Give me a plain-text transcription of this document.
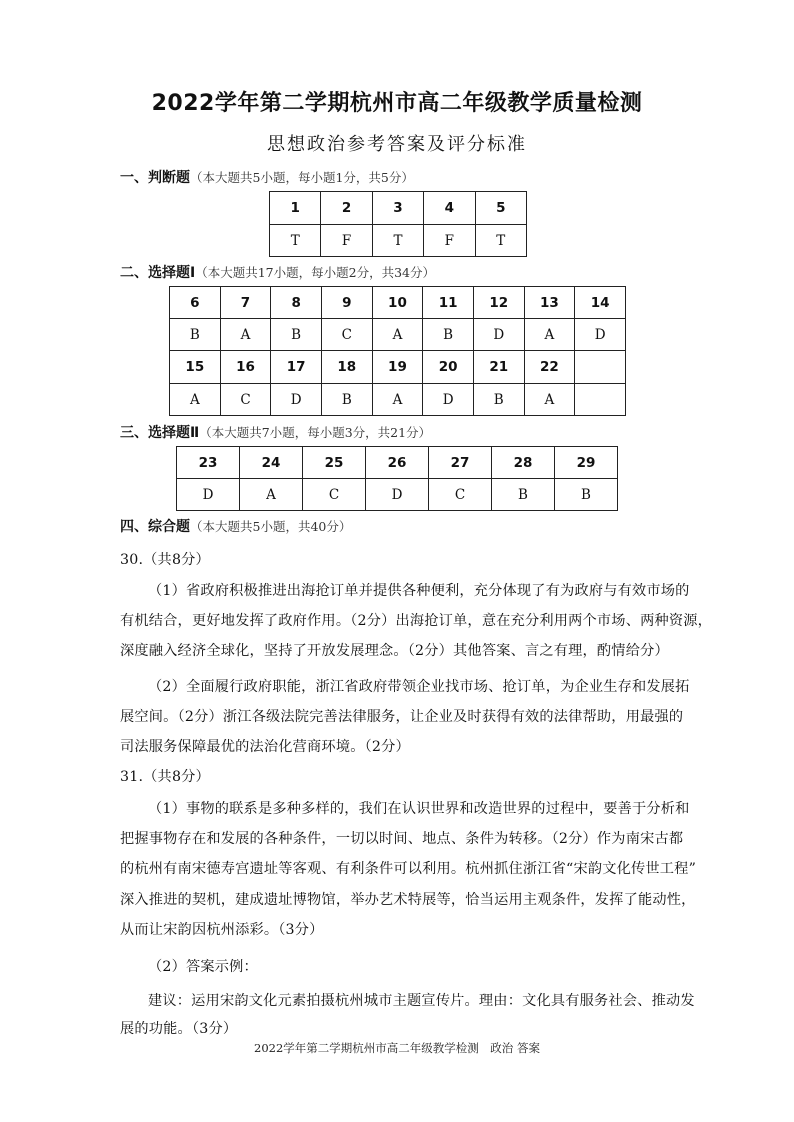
2022学年第二学期杭州市高二年级教学质量检测
思想政治参考答案及评分标准
一、判断题（本大题共5小题，每小题1分，共5分）
1	2	3	4	5
T	F	T	F	T
二、选择题Ⅰ（本大题共17小题，每小题2分，共34分）
6	7	8	9	10	11	12	13	14
B	A	B	C	A	B	D	A	D
15	16	17	18	19	20	21	22	
A	C	D	B	A	D	B	A	
三、选择题Ⅱ（本大题共7小题，每小题3分，共21分）
23	24	25	26	27	28	29
D	A	C	D	C	B	B
四、综合题（本大题共5小题，共40分）
30.（共8分）
（1）省政府积极推进出海抢订单并提供各种便利，充分体现了有为政府与有效市场的
有机结合，更好地发挥了政府作用。（2分）出海抢订单，意在充分利用两个市场、两种资源，
深度融入经济全球化，坚持了开放发展理念。（2分）其他答案、言之有理，酌情给分）
（2）全面履行政府职能，浙江省政府带领企业找市场、抢订单，为企业生存和发展拓
展空间。（2分）浙江各级法院完善法律服务，让企业及时获得有效的法律帮助，用最强的
司法服务保障最优的法治化营商环境。（2分）
31.（共8分）
（1）事物的联系是多种多样的，我们在认识世界和改造世界的过程中，要善于分析和
把握事物存在和发展的各种条件，一切以时间、地点、条件为转移。（2分）作为南宋古都
的杭州有南宋德寿宫遗址等客观、有利条件可以利用。杭州抓住浙江省“宋韵文化传世工程”
深入推进的契机，建成遗址博物馆，举办艺术特展等，恰当运用主观条件，发挥了能动性，
从而让宋韵因杭州添彩。（3分）
（2）答案示例：
建议：运用宋韵文化元素拍摄杭州城市主题宣传片。理由：文化具有服务社会、推动发
展的功能。（3分）
2022学年第二学期杭州市高二年级教学检测　政治 答案
